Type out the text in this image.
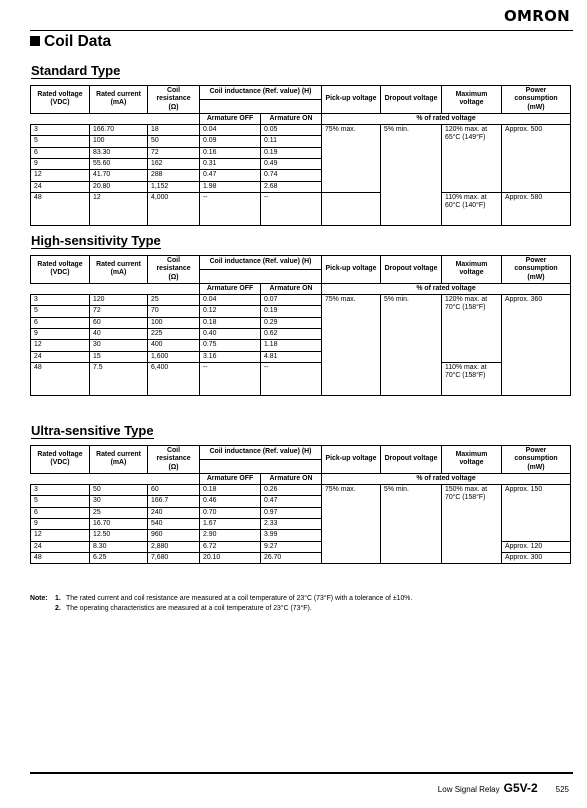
OMRON
Coil Data
Standard Type
Rated voltage (VDC)	Rated current (mA)	Coil resistance (Ω)	Coil inductance (Ref. value) (H)		Pick-up voltage	Dropout voltage	Maximum voltage	Power consumption (mW)

			Armature OFF	Armature ON	% of rated voltage			
3	166.70	18	0.04	0.05	75% max.	5% min.	120% max. at 65°C (149°F)	Approx. 500
5	100	50	0.09	0.11				
6	83.30	72	0.16	0.19				
9	55.60	162	0.31	0.49				
12	41.70	288	0.47	0.74				
24	20.80	1,152	1.98	2.68				
48	12	4,000	--	--			110% max. at 60°C (140°F)	Approx. 580
High-sensitivity Type
Rated voltage (VDC)	Rated current (mA)	Coil resistance (Ω)	Coil inductance (Ref. value) (H)		Pick-up voltage	Dropout voltage	Maximum voltage	Power consumption (mW)

			Armature OFF	Armature ON	% of rated voltage			
3	120	25	0.04	0.07	75% max.	5% min.	120% max. at 70°C (158°F)	Approx. 360
5	72	70	0.12	0.19				
6	60	100	0.18	0.29				
9	40	225	0.40	0.62				
12	30	400	0.75	1.18				
24	15	1,600	3.16	4.81				
48	7.5	6,400	--	--			110% max. at 70°C (158°F)	
Ultra-sensitive Type
Rated voltage (VDC)	Rated current (mA)	Coil resistance (Ω)	Coil inductance (Ref. value) (H)		Pick-up voltage	Dropout voltage	Maximum voltage	Power consumption (mW)

			Armature OFF	Armature ON	% of rated voltage			
3	50	60	0.18	0.26	75% max.	5% min.	150% max. at 70°C (158°F)	Approx. 150
5	30	166.7	0.46	0.47				
6	25	240	0.70	0.97				
9	16.70	540	1.67	2.33				
12	12.50	960	2.90	3.99				
24	8.30	2,880	6.72	9.27				Approx. 120
48	6.25	7,680	20.10	26.70				Approx. 300
Note:	1. The rated current and coil resistance are measured at a coil temperature of 23°C (73°F) with a tolerance of ±10%.
2. The operating characteristics are measured at a coil temperature of 23°C (73°F).
Low Signal Relay G5V-2 525
